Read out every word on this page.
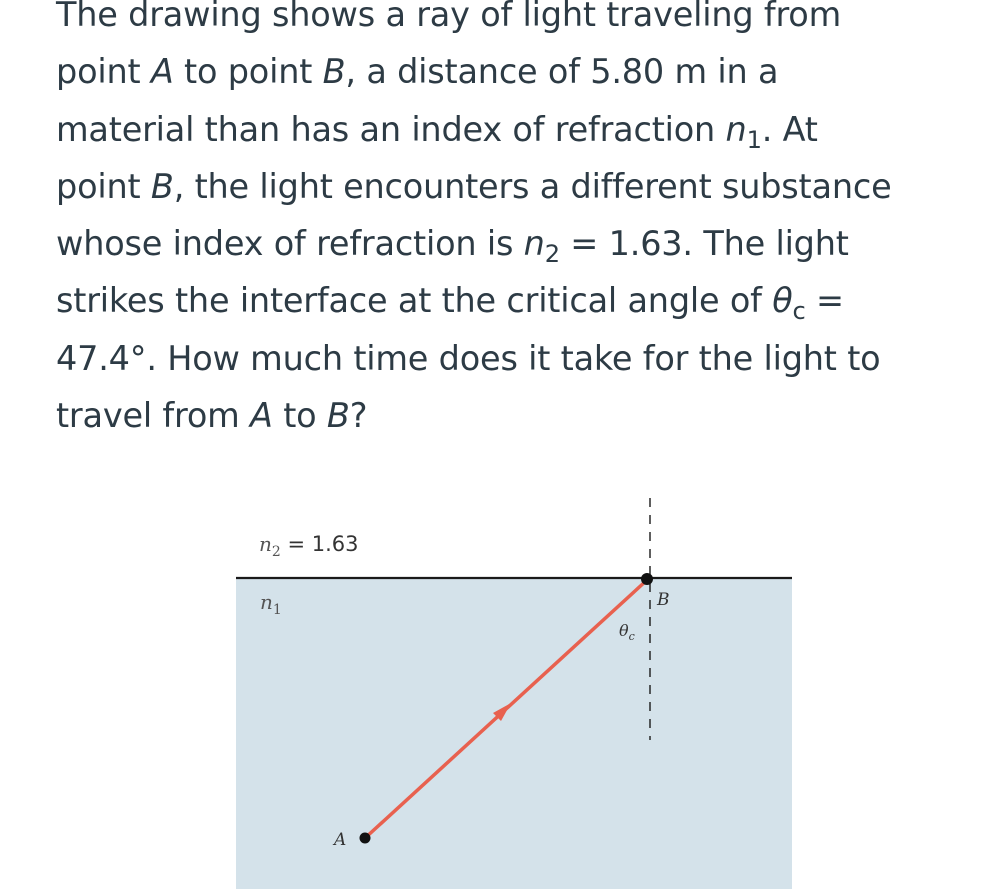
The drawing shows a ray of light traveling from
point A to point B, a distance of 5.80 m in a
material than has an index of refraction $n_1$. At
point B, the light encounters a different substance
whose index of refraction is $n_2 = 1.63$. The light
strikes the interface at the critical angle of $\theta_c$ =
47.4°. How much time does it take for the light to
travel from A to B?

$n_2 = 1.63$
$n_1$	B
A
$\theta_c$
